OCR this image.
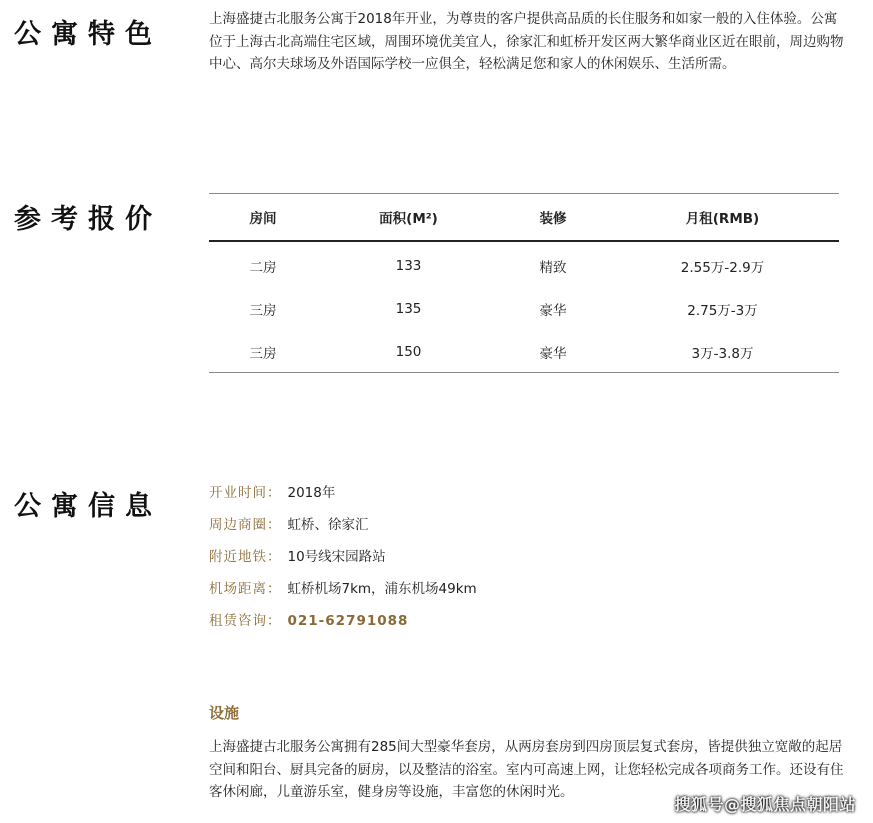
公寓特色	上海盛捷古北服务公寓于2018年开业，为尊贵的客户提供高品质的长住服务和如家一般的入住体验。公寓位于上海古北高端住宅区域，周围环境优美宜人，徐家汇和虹桥开发区两大繁华商业区近在眼前，周边购物中心、高尔夫球场及外语国际学校一应俱全，轻松满足您和家人的休闲娱乐、生活所需。
参考报价	房间	面积(M²)	装修	月租(RMB)
二房	133	精致	2.55万-2.9万
三房	135	豪华	2.75万-3万
三房	150	豪华	3万-3.8万
公寓信息	开业时间： 2018年
周边商圈： 虹桥、徐家汇
附近地铁： 10号线宋园路站
机场距离： 虹桥机场7km，浦东机场49km
租赁咨询： 021-62791088
设施
上海盛捷古北服务公寓拥有285间大型豪华套房，从两房套房到四房顶层复式套房，皆提供独立宽敞的起居空间和阳台、厨具完备的厨房，以及整洁的浴室。室内可高速上网，让您轻松完成各项商务工作。还设有住客休闲廊，儿童游乐室，健身房等设施，丰富您的休闲时光。
搜狐号@搜狐焦点朝阳站
